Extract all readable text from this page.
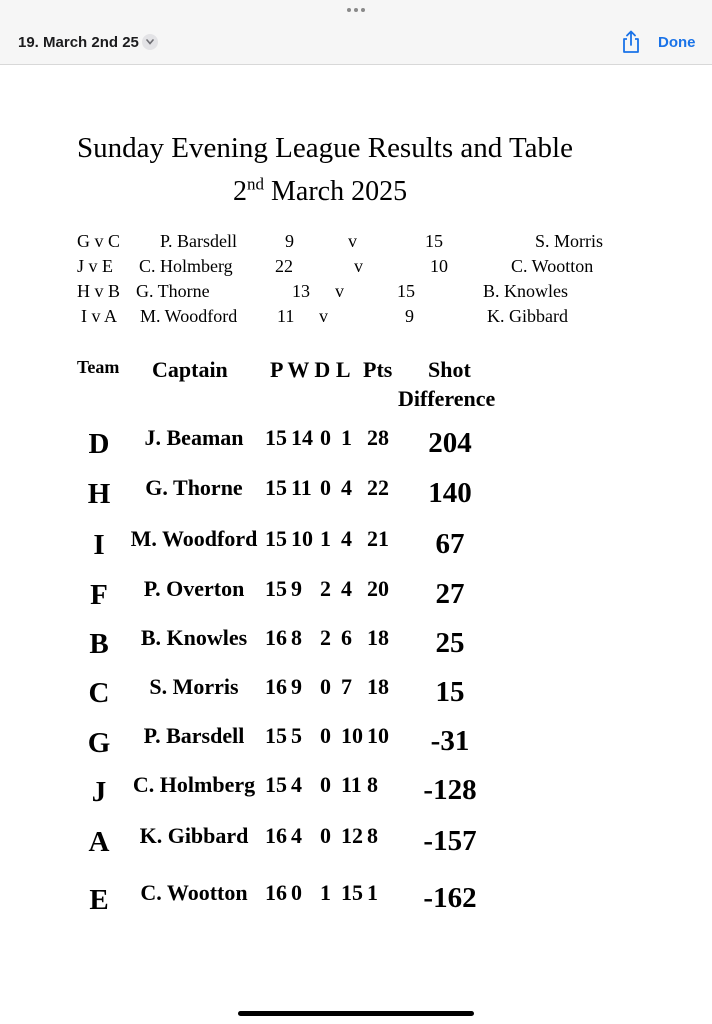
19. March 2nd 25	Done
Sunday Evening League Results and Table
2nd March 2025
G v C P. Barsdell	9	v	15	S. Morris
J v E C. Holmberg 22	v	10	C. Wootton
H v B G. Thorne	13 v	15	B. Knowles
I v A M. Woodford 11 v	9	K. Gibbard
Team Captain P W D L Pts Shot
Difference
D J. Beaman 15 14 0 1 28 204
H G. Thorne 15 11 0 4 22 140
I M. Woodford 15 10 1 4 21 67
F P. Overton 15 9 2 4 20 27
B B. Knowles 16 8 2 6 18 25
C S. Morris 16 9 0 7 18 15
G P. Barsdell 15 5 0 10 10 -31
J C. Holmberg 15 4 0 11 8 -128
A K. Gibbard 16 4 0 12 8 -157
E C. Wootton 16 0 1 15 1 -162
